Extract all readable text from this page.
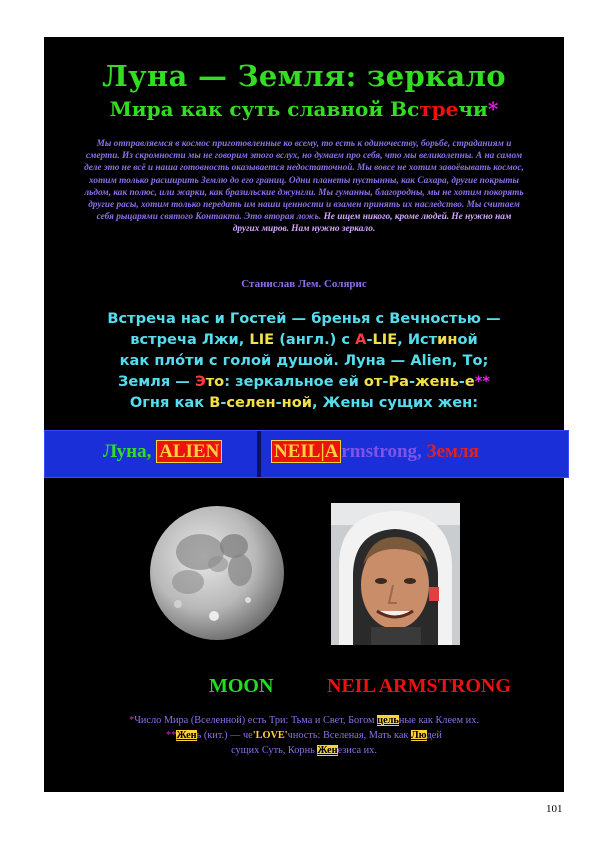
Луна — Земля: зеркало
Мира как суть славной Встречи*
Мы отправляемся в космос приготовленные ко всему, то есть к одиночеству, борьбе, страданиям и смерти. Из скромности мы не говорим этого вслух, но думаем про себя, что мы великолепны. А на самом деле это не всё и наша готовность оказывается недостаточной. Мы вовсе не хотим завоёвывать космос, хотим только расширить Землю до его границ. Одни планеты пустынны, как Сахара, другие покрыты льдом, как полюс, или жарки, как бразильские джунгли. Мы гуманны, благородны, мы не хотим покорять другие расы, хотим только передать им наши ценности и взамен принять их наследство. Мы считаем себя рыцарями святого Контакта. Это вторая ложь. Не ищем никого, кроме людей. Не нужно нам других миров. Нам нужно зеркало.
Станислав Лем. Солярис
Встреча нас и Гостей — бренья с Вечностью —
встреча Лжи, LIE (англ.) с A-LIE, Истиной
как плóти с голой душой. Луна — Alien, То;
Земля — Это: зеркальное ей от-Ра-жень-е**
Огня как В-селен-ной, Жены сущих жен:
MOON	NEIL ARMSTRONG
*Число Мира (Вселенной) есть Три: Тьма и Свет, Богом цельные как Клеем их.
**Жень (кит.) — че'LOVE'чность: Вселеная, Мать как Людей
сущих Суть, Корнь Женезиса их.
Луна, ALIEN	NEIL|A rmstrong, Земля
101
